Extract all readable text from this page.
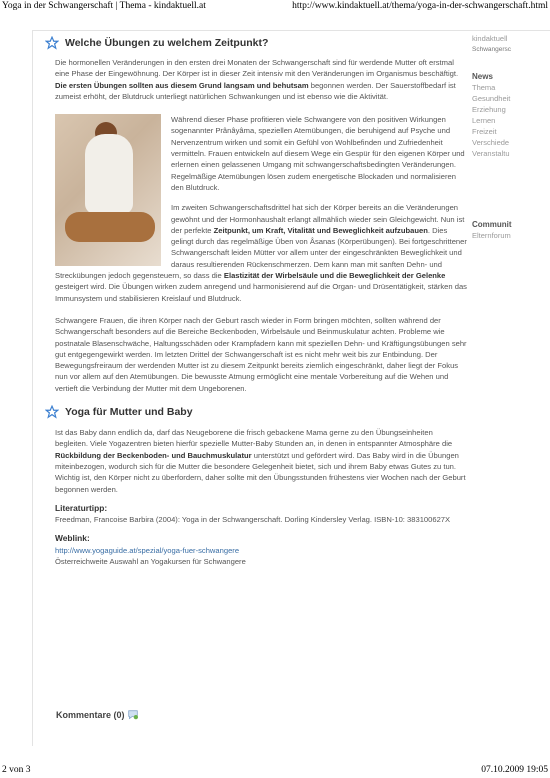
Yoga in der Schwangerschaft | Thema - kindaktuell.at	http://www.kindaktuell.at/thema/yoga-in-der-schwangerschaft.html
Welche Übungen zu welchem Zeitpunkt?

Die hormonellen Veränderungen in den ersten drei Monaten der Schwangerschaft sind für werdende Mutter oft erstmal eine Phase der Eingewöhnung. Der Körper ist in dieser Zeit intensiv mit den Veränderungen im Organismus beschäftigt. Die ersten Übungen sollten aus diesem Grund langsam und behutsam begonnen werden. Der Sauerstoffbedarf ist zumeist erhöht, der Blutdruck unterliegt natürlichen Schwankungen und ist ebenso wie die Aktivität.

Während dieser Phase profitieren viele Schwangere von den positiven Wirkungen sogenannter Prânâyâma, speziellen Atemübungen, die beruhigend auf Psyche und Nervenzentrum wirken und somit ein Gefühl von Wohlbefinden und Zufriedenheit vermitteln. Frauen entwickeln auf diesem Wege ein Gespür für den eigenen Körper und erlernen einen gelassenen Umgang mit schwangerschaftsbedingten Veränderungen. Regelmäßige Atemübungen lösen zudem energetische Blockaden und normalisieren den Blutdruck.

Im zweiten Schwangerschaftsdrittel hat sich der Körper bereits an die Veränderungen gewöhnt und der Hormonhaushalt erlangt allmählich wieder sein Gleichgewicht. Nun ist der perfekte Zeitpunkt, um Kraft, Vitalität und Beweglichkeit aufzubauen. Dies gelingt durch das regelmäßige Üben von Âsanas (Körperübungen). Bei fortgeschrittener Schwangerschaft leiden Mütter vor allem unter der eingeschränkten Beweglichkeit und daraus resultierenden Rückenschmerzen. Dem kann man mit sanften Dehn- und Streckübungen jedoch gegensteuern, so dass die Elastizität der Wirbelsäule und die Beweglichkeit der Gelenke gesteigert wird. Die Übungen wirken zudem anregend und harmonisierend auf die Organ- und Drüsentätigkeit, stärken das Immunsystem und stabilisieren Kreislauf und Blutdruck.

Schwangere Frauen, die ihren Körper nach der Geburt rasch wieder in Form bringen möchten, sollten während der Schwangerschaft besonders auf die Bereiche Beckenboden, Wirbelsäule und Beinmuskulatur achten. Probleme wie postnatale Blasenschwäche, Haltungsschäden oder Krampfadern kann mit speziellen Dehn- und Kräftigungsübungen sehr gut entgegengewirkt werden. Im letzten Drittel der Schwangerschaft ist es nicht mehr weit bis zur Entbindung. Der Bewegungsfreiraum der werdenden Mutter ist zu diesem Zeitpunkt bereits ziemlich eingeschränkt, daher liegt der Fokus nun vor allem auf den Atemübungen. Die bewusste Atmung ermöglicht eine mentale Vorbereitung auf die Wehen und vertieft die Verbindung der Mutter mit dem Ungeborenen.

Yoga für Mutter und Baby

Ist das Baby dann endlich da, darf das Neugeborene die frisch gebackene Mama gerne zu den Übungseinheiten begleiten. Viele Yogazentren bieten hierfür spezielle Mutter-Baby Stunden an, in denen in entspannter Atmosphäre die Rückbildung der Beckenboden- und Bauchmuskulatur unterstützt und gefördert wird. Das Baby wird in die Übungen miteinbezogen, wodurch sich für die Mutter die besondere Gelegenheit bietet, sich und ihrem Baby etwas Gutes zu tun. Wichtig ist, den Körper nicht zu überfordern, daher sollte mit den Übungsstunden frühestens vier Wochen nach der Geburt begonnen werden.

Literaturtipp:
Freedman, Francoise Barbira (2004): Yoga in der Schwangerschaft. Dorling Kindersley Verlag. ISBN-10: 383100627X

Weblink:
http://www.yogaguide.at/spezial/yoga-fuer-schwangere
Österreichweite Auswahl an Yogakursen für Schwangere

Kommentare (0)
kindaktuell
Schwangersc
News
Thema
Gesundheit
Erziehung
Lernen
Freizeit
Verschiede
Veranstaltu
Communit
Elternforum
2 von 3	07.10.2009 19:05
